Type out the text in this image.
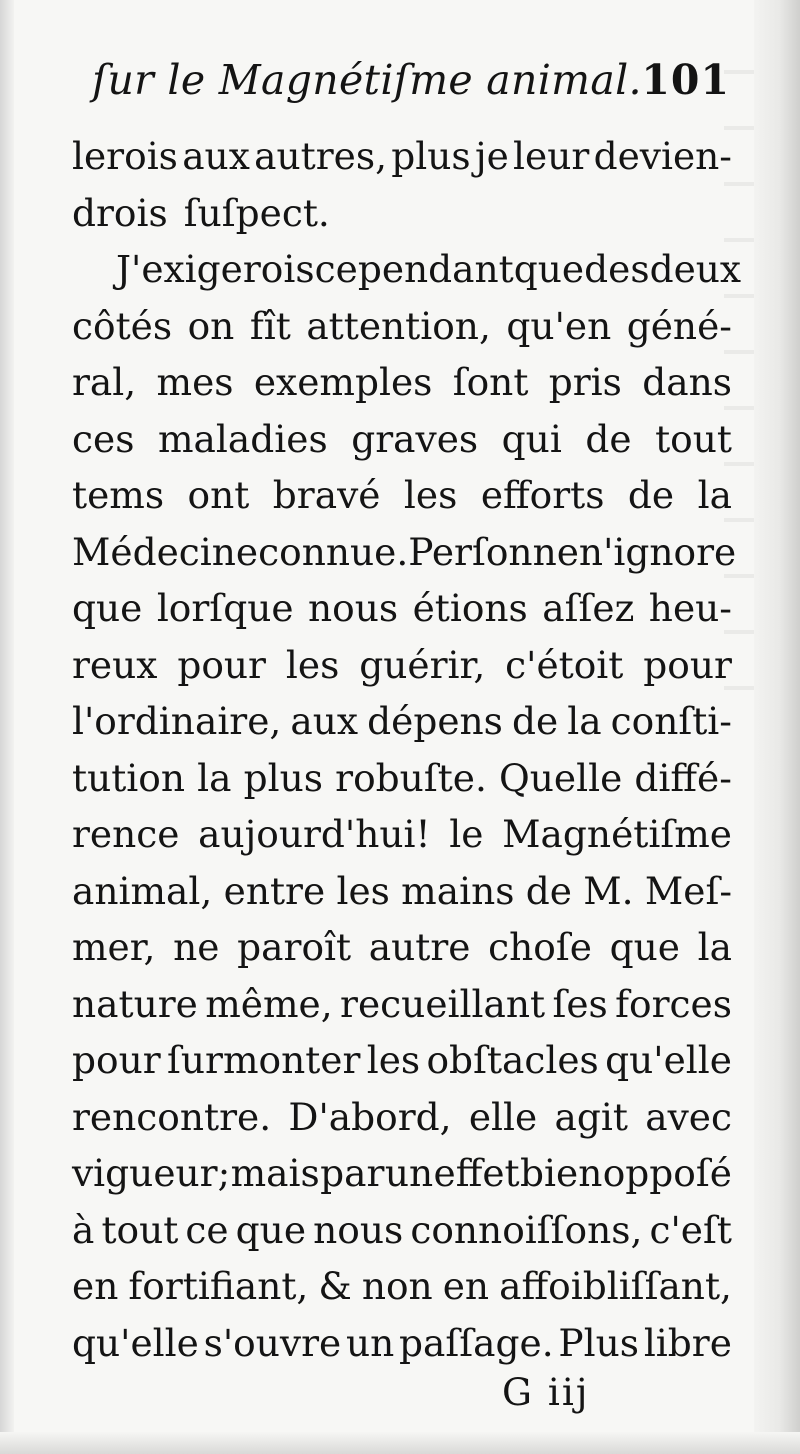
ſur le Magnétiſme animal. 101
lerois aux autres, plus je leur devien-
drois ſuſpect.
J'exigerois cependant que des deux
côtés on fît attention, qu'en géné-
ral, mes exemples ſont pris dans
ces maladies graves qui de tout
tems ont bravé les efforts de la
Médecine connue. Perſonne n'ignore
que lorſque nous étions aſſez heu-
reux pour les guérir, c'étoit pour
l'ordinaire, aux dépens de la conſti-
tution la plus robuſte. Quelle diffé-
rence aujourd'hui! le Magnétiſme
animal, entre les mains de M. Meſ-
mer, ne paroît autre choſe que la
nature même, recueillant ſes forces
pour ſurmonter les obſtacles qu'elle
rencontre. D'abord, elle agit avec
vigueur; mais par un effet bien oppoſé
à tout ce que nous connoiſſons, c'eſt
en fortifiant, & non en affoibliſſant,
qu'elle s'ouvre un paſſage. Plus libre
G iij
